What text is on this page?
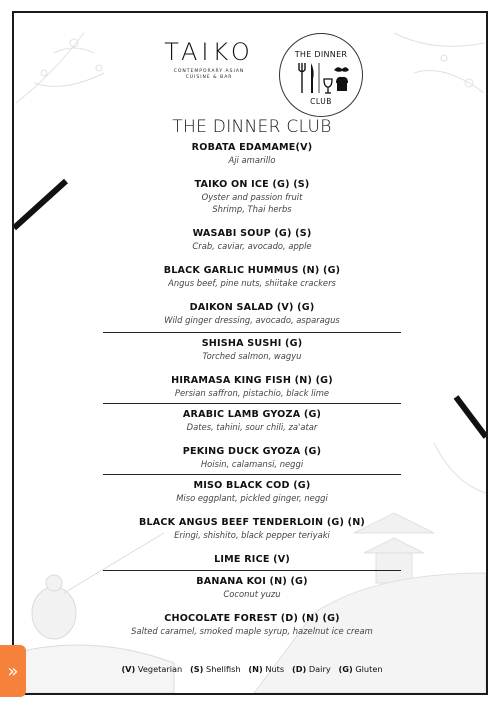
TAIKO
CONTEMPORARY ASIAN
CUISINE & BAR
THE DINNER
CLUB
THE DINNER CLUB
ROBATA EDAMAME(V)
Aji amarillo
TAIKO ON ICE (G) (S)
Oyster and passion fruit
Shrimp, Thai herbs
WASABI SOUP (G) (S)
Crab, caviar, avocado, apple
BLACK GARLIC HUMMUS (N) (G)
Angus beef, pine nuts, shiitake crackers
DAIKON SALAD (V) (G)
Wild ginger dressing, avocado, asparagus
SHISHA SUSHI (G)
Torched salmon, wagyu
HIRAMASA KING FISH (N) (G)
Persian saffron, pistachio, black lime
ARABIC LAMB GYOZA (G)
Dates, tahini, sour chili, za'atar
PEKING DUCK GYOZA (G)
Hoisin, calamansi, neggi
MISO BLACK COD (G)
Miso eggplant, pickled ginger, neggi
BLACK ANGUS BEEF TENDERLOIN (G) (N)
Eringi, shishito, black pepper teriyaki
LIME RICE (V)
BANANA KOI (N) (G)
Coconut yuzu
CHOCOLATE FOREST (D) (N) (G)
Salted caramel, smoked maple syrup, hazelnut ice cream
(V) Vegetarian (S) Shellfish (N) Nuts (D) Dairy (G) Gluten
»
